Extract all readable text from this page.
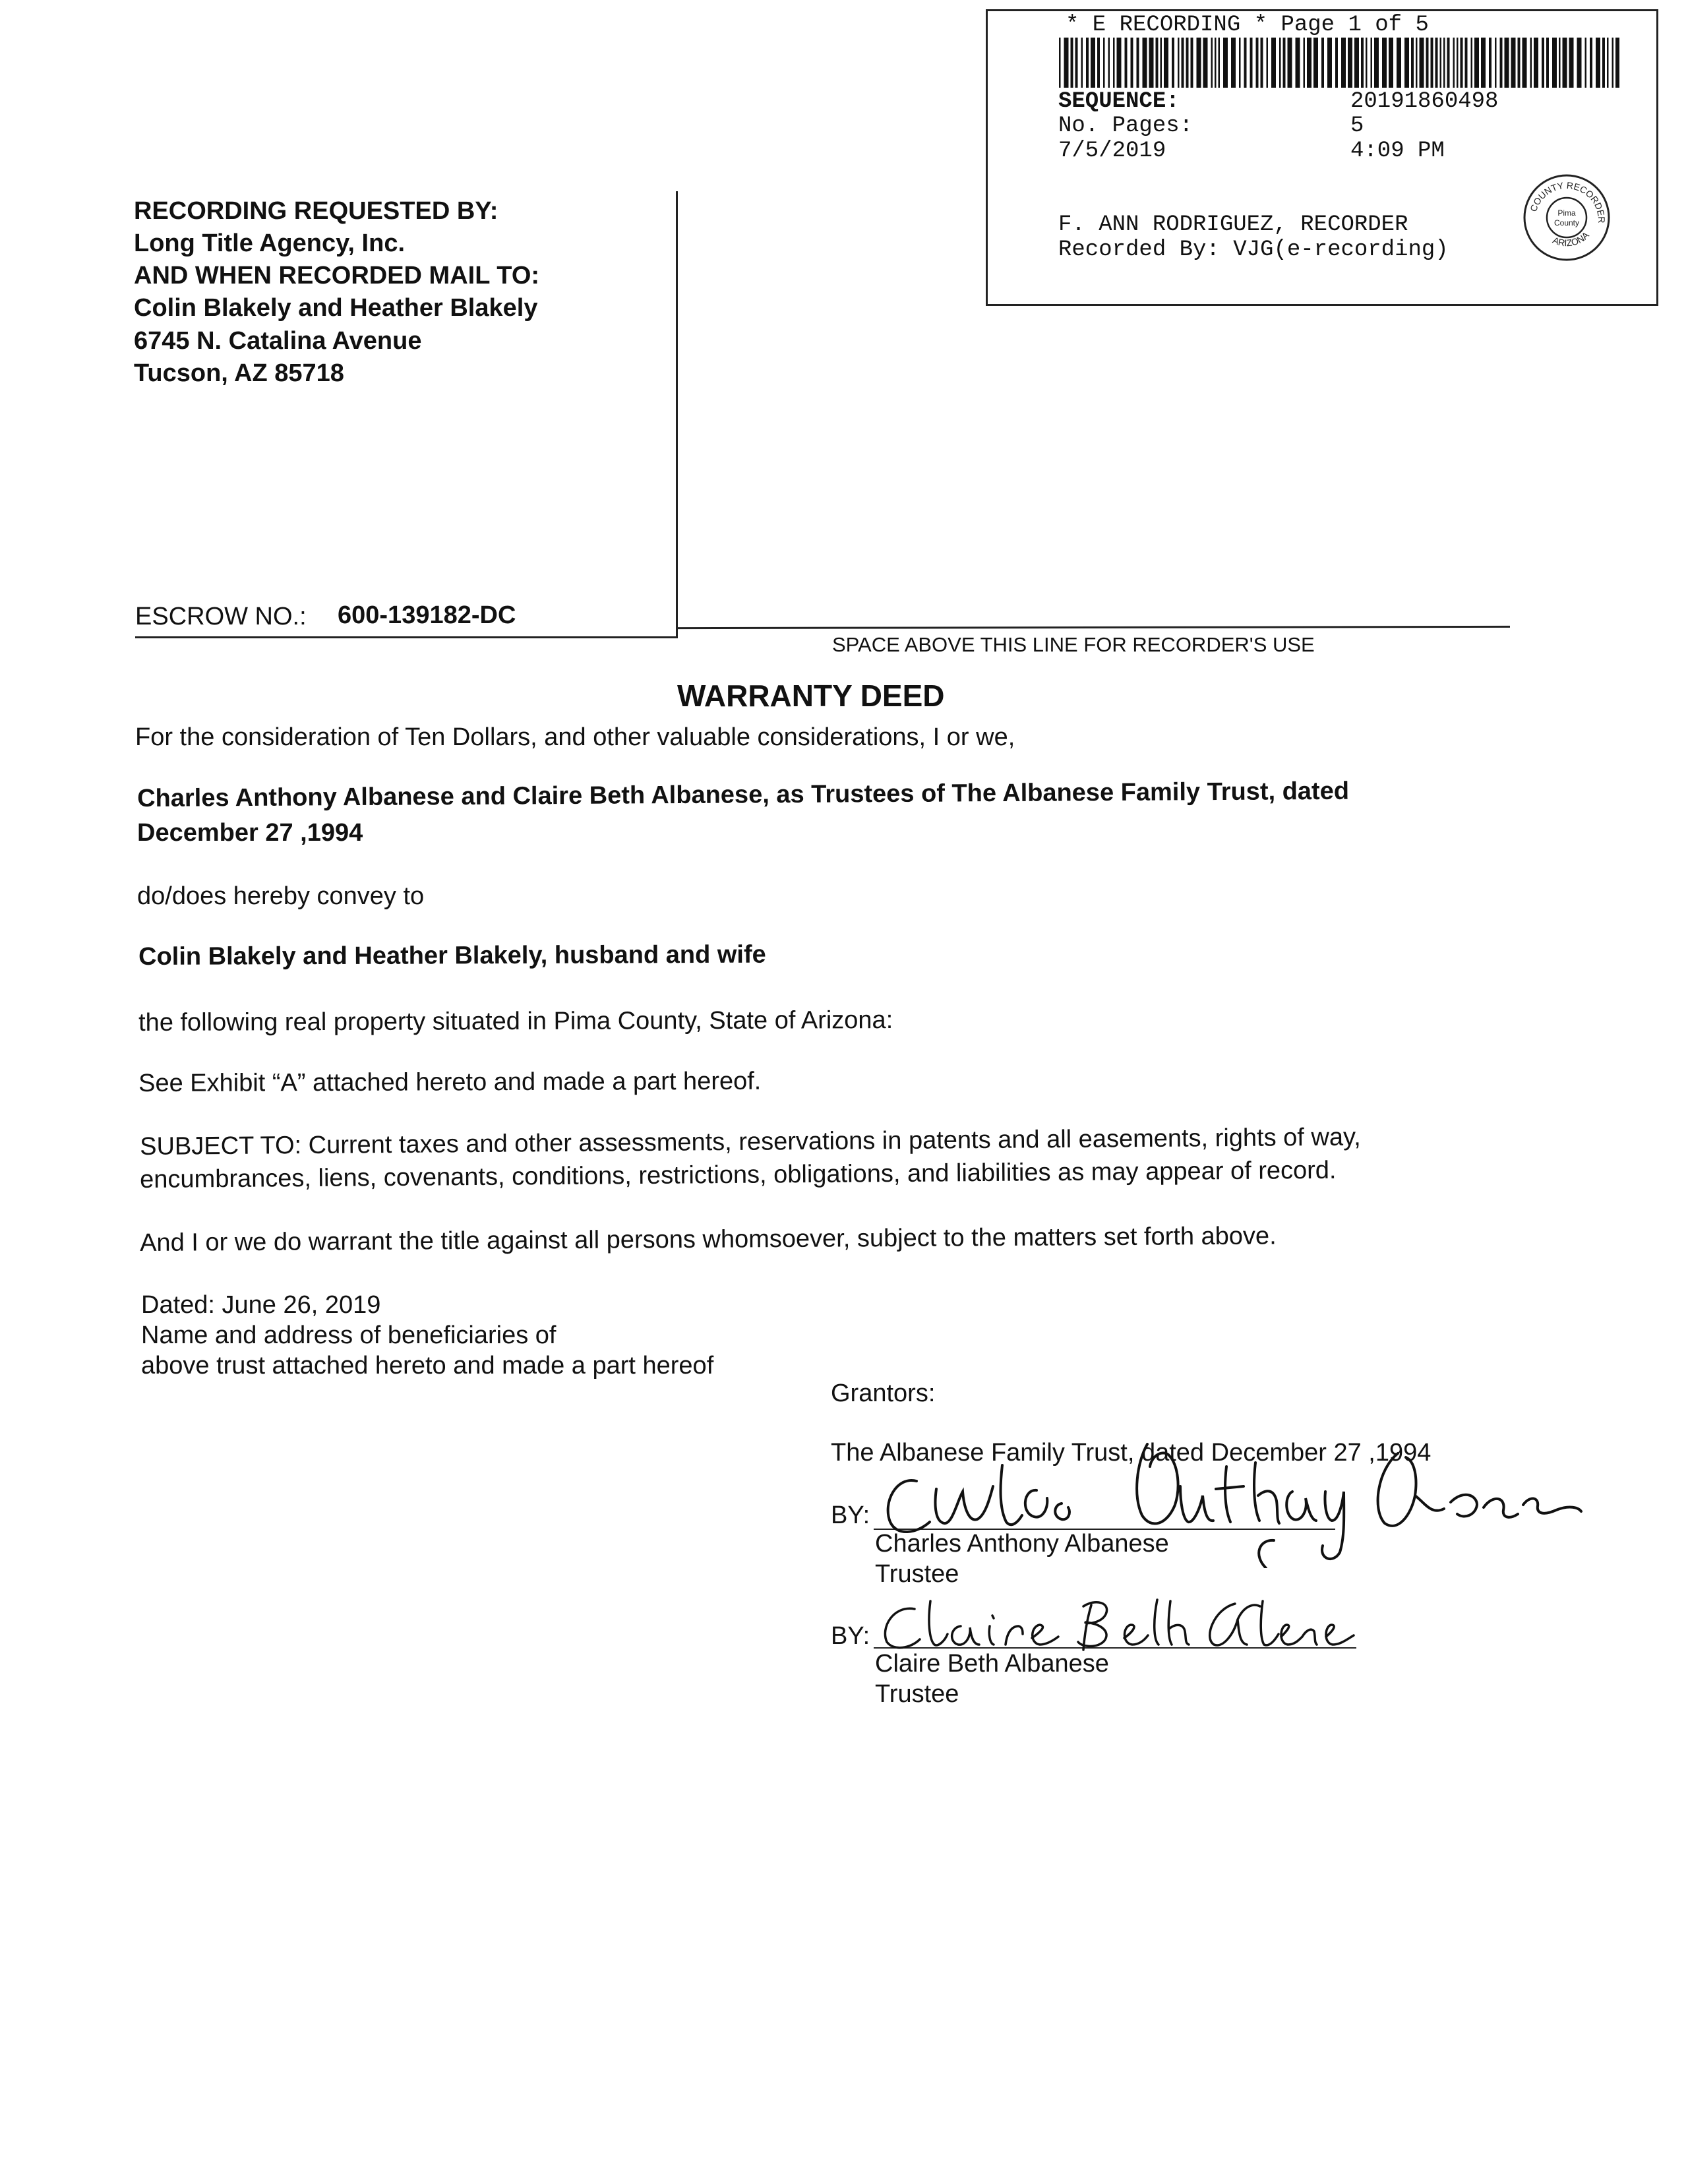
* E RECORDING * Page 1 of 5
SEQUENCE:	20191860498
No. Pages:	5
7/5/2019	4:09 PM
F. ANN RODRIGUEZ, RECORDER
Recorded By: VJG(e-recording)
COUNTY RECORDER
ARIZONA
Pima
County
RECORDING REQUESTED BY:
Long Title Agency, Inc.
AND WHEN RECORDED MAIL TO:
Colin Blakely and Heather Blakely
6745 N. Catalina Avenue
Tucson, AZ 85718
ESCROW NO.: 600-139182-DC
SPACE ABOVE THIS LINE FOR RECORDER'S USE
WARRANTY DEED
For the consideration of Ten Dollars, and other valuable considerations, I or we,
Charles Anthony Albanese and Claire Beth Albanese, as Trustees of The Albanese Family Trust, dated
December 27 ,1994
do/does hereby convey to
Colin Blakely and Heather Blakely, husband and wife
the following real property situated in Pima County, State of Arizona:
See Exhibit “A” attached hereto and made a part hereof.
SUBJECT TO: Current taxes and other assessments, reservations in patents and all easements, rights of way,
encumbrances, liens, covenants, conditions, restrictions, obligations, and liabilities as may appear of record.
And I or we do warrant the title against all persons whomsoever, subject to the matters set forth above.
Dated: June 26, 2019
Name and address of beneficiaries of
above trust attached hereto and made a part hereof
Grantors:
The Albanese Family Trust, dated December 27 ,1994
BY:
Charles Anthony Albanese
Trustee
BY:
Claire Beth Albanese
Trustee
